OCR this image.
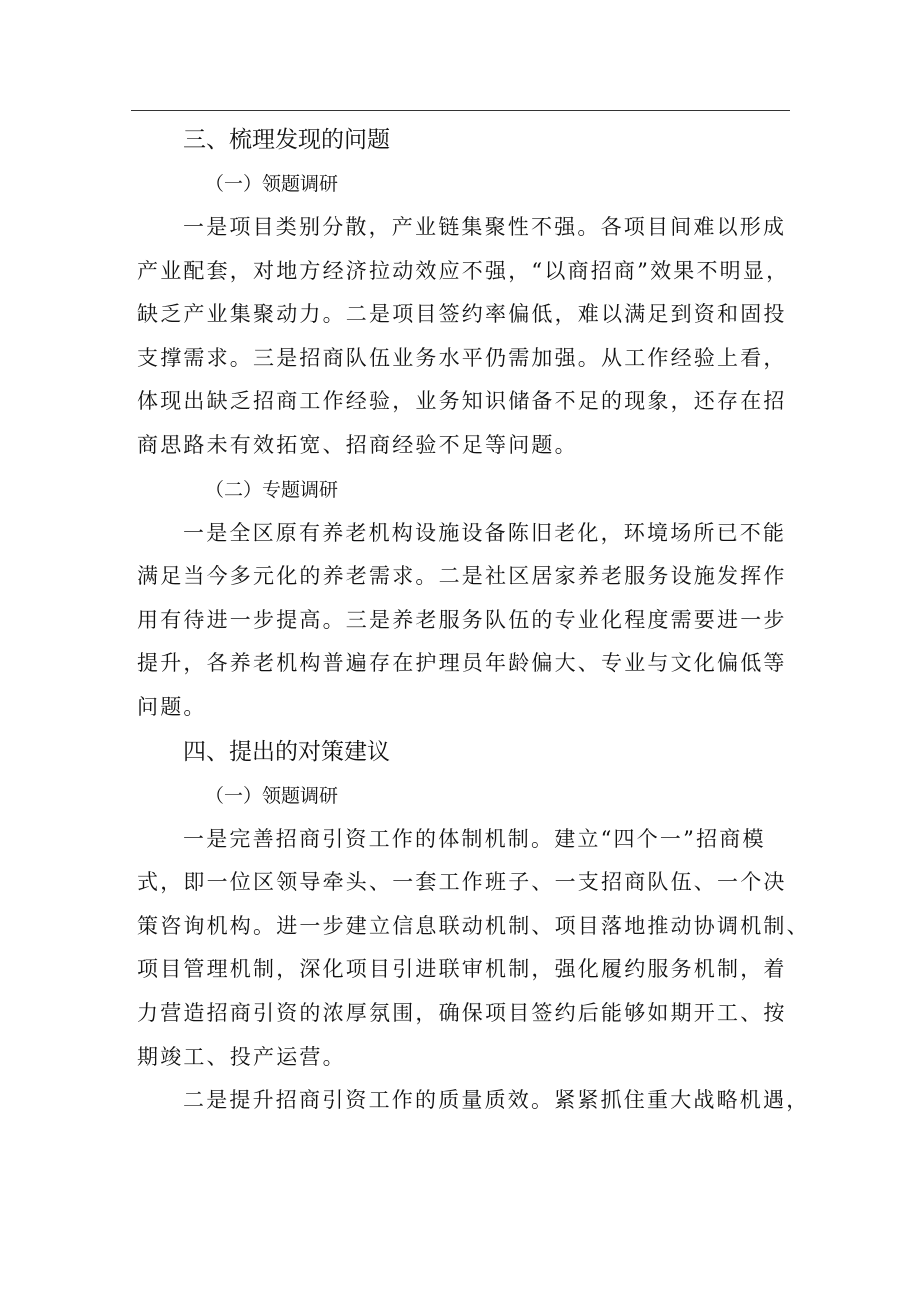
三、梳理发现的问题
（一）领题调研

一是项目类别分散，产业链集聚性不强。各项目间难以形成
产业配套，对地方经济拉动效应不强，“以商招商”效果不明显，
缺乏产业集聚动力。二是项目签约率偏低，难以满足到资和固投
支撑需求。三是招商队伍业务水平仍需加强。从工作经验上看，
体现出缺乏招商工作经验，业务知识储备不足的现象，还存在招
商思路未有效拓宽、招商经验不足等问题。

（二）专题调研

一是全区原有养老机构设施设备陈旧老化，环境场所已不能
满足当今多元化的养老需求。二是社区居家养老服务设施发挥作
用有待进一步提高。三是养老服务队伍的专业化程度需要进一步
提升，各养老机构普遍存在护理员年龄偏大、专业与文化偏低等
问题。

四、提出的对策建议
（一）领题调研

一是完善招商引资工作的体制机制。建立“四个一”招商模
式，即一位区领导牵头、一套工作班子、一支招商队伍、一个决
策咨询机构。进一步建立信息联动机制、项目落地推动协调机制、
项目管理机制，深化项目引进联审机制，强化履约服务机制，着
力营造招商引资的浓厚氛围，确保项目签约后能够如期开工、按
期竣工、投产运营。

二是提升招商引资工作的质量质效。紧紧抓住重大战略机遇，
